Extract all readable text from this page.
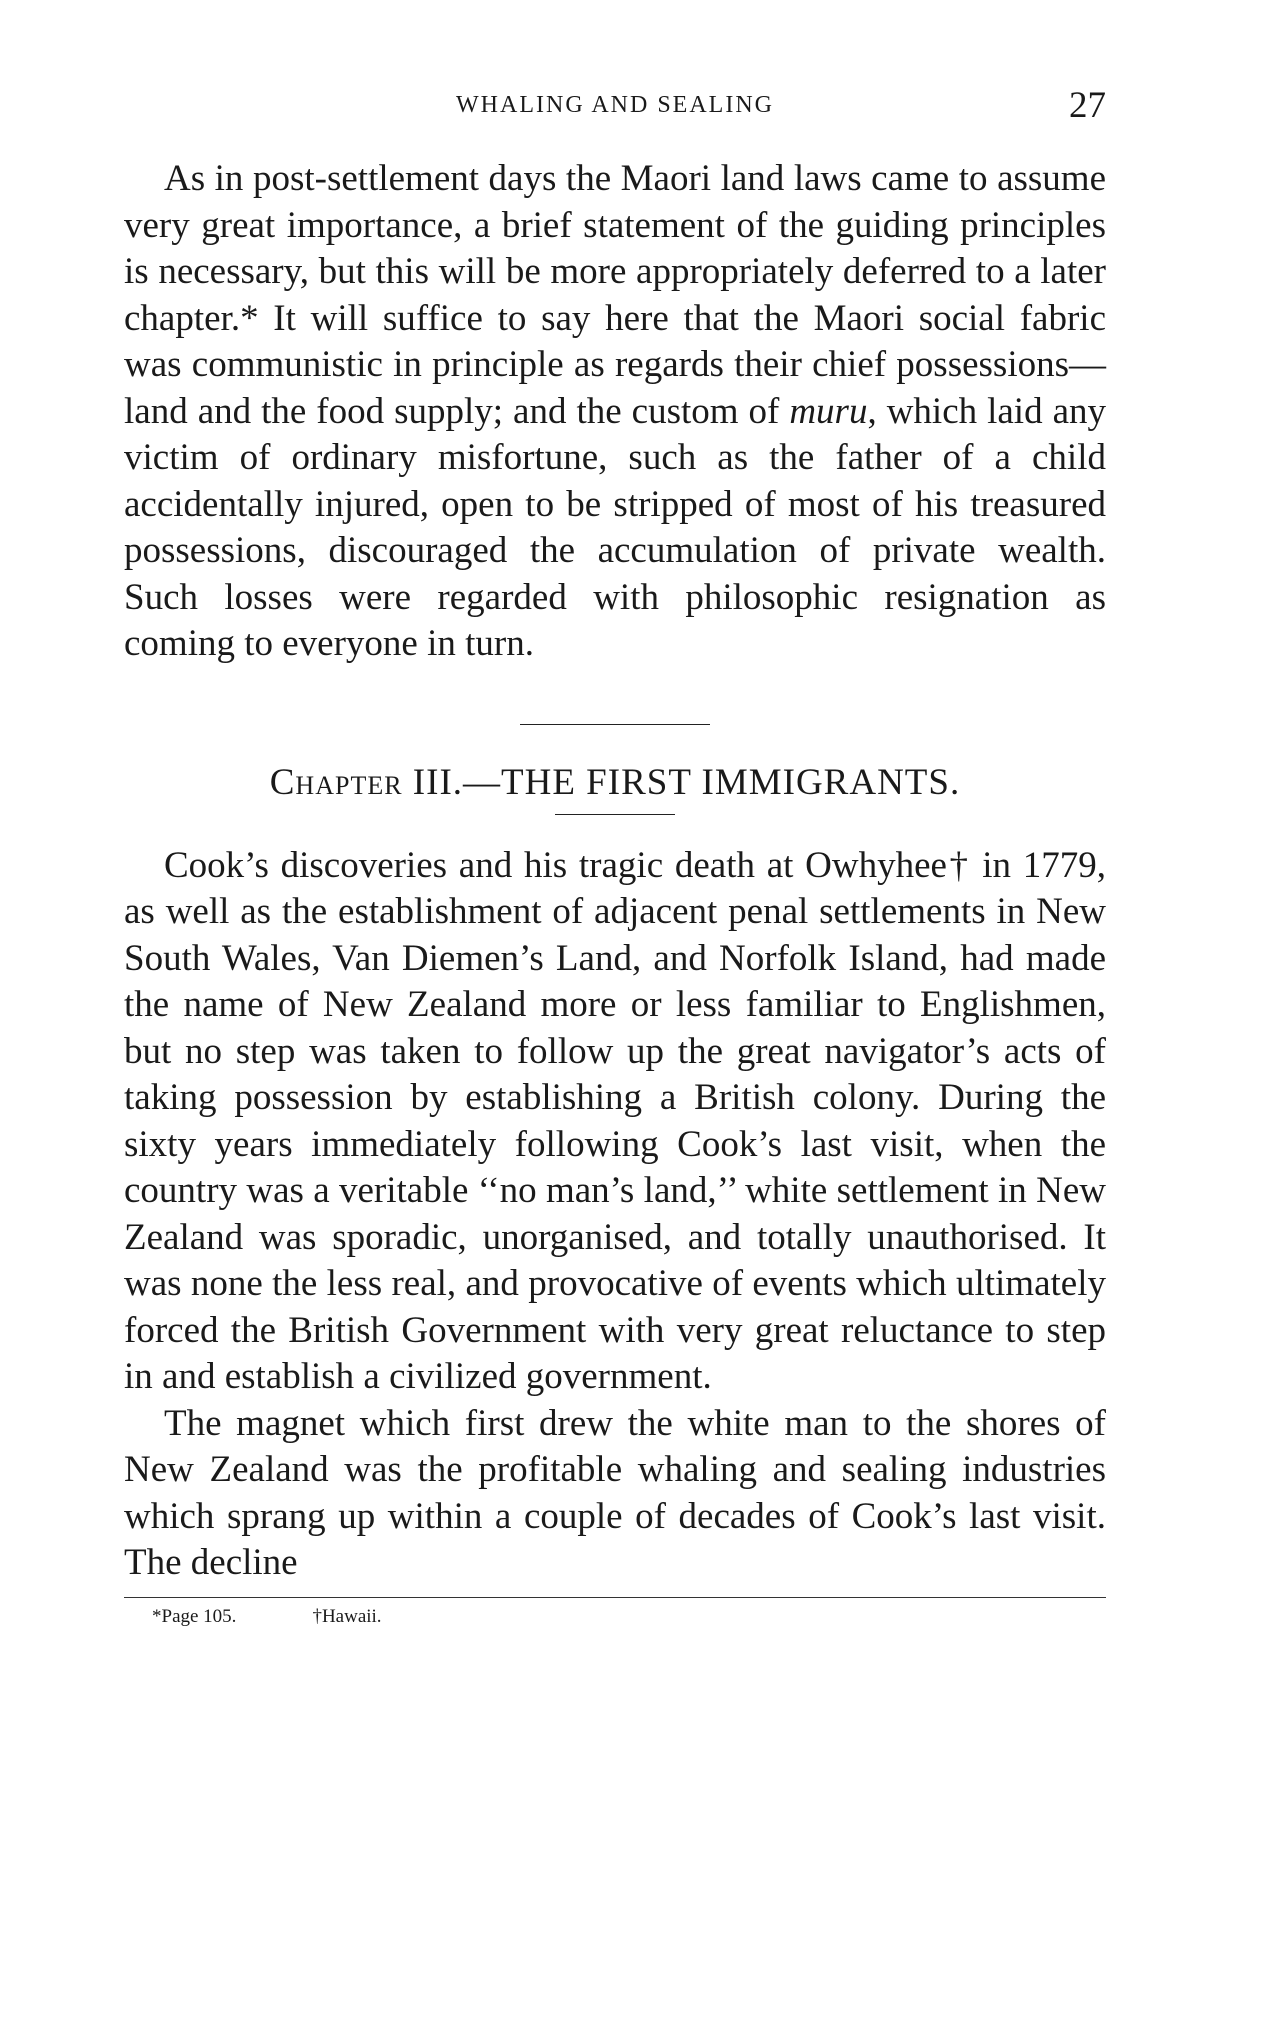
WHALING AND SEALING	27

As in post-settlement days the Maori land laws came to assume very great importance, a brief statement of the guiding principles is necessary, but this will be more appropriately deferred to a later chapter.* It will suffice to say here that the Maori social fabric was communistic in principle as regards their chief possessions—land and the food supply; and the custom of muru, which laid any victim of ordinary misfortune, such as the father of a child accidentally injured, open to be stripped of most of his treasured possessions, discouraged the accumulation of private wealth. Such losses were regarded with philosophic resignation as coming to everyone in turn.

Chapter III.—THE FIRST IMMIGRANTS.

Cook’s discoveries and his tragic death at Owhyhee† in 1779, as well as the establishment of adjacent penal settlements in New South Wales, Van Diemen’s Land, and Norfolk Island, had made the name of New Zealand more or less familiar to Englishmen, but no step was taken to follow up the great navigator’s acts of taking possession by establishing a British colony. During the sixty years immediately following Cook’s last visit, when the country was a veritable ‘‘no man’s land,’’ white settlement in New Zealand was sporadic, unorganised, and totally unauthorised. It was none the less real, and provocative of events which ultimately forced the British Government with very great reluctance to step in and establish a civilized government.

The magnet which first drew the white man to the shores of New Zealand was the profitable whaling and sealing industries which sprang up within a couple of decades of Cook’s last visit. The decline

*Page 105.	†Hawaii.
